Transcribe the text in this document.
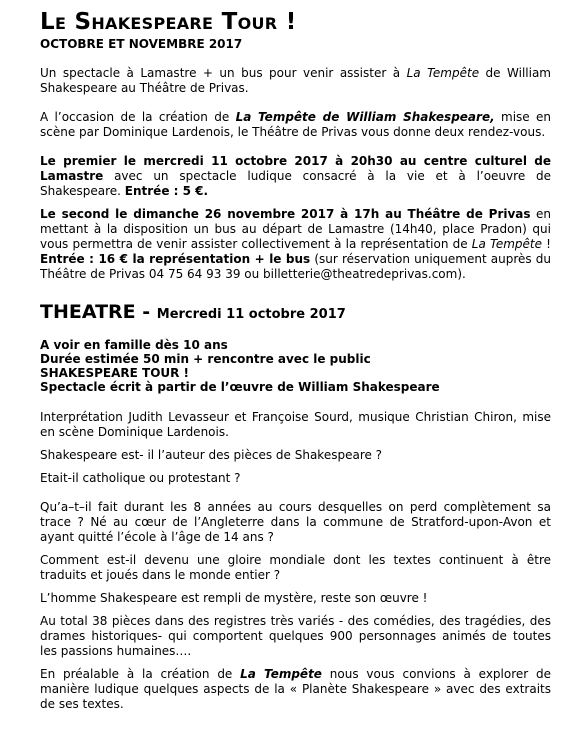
Le Shakespeare Tour !
OCTOBRE ET NOVEMBRE 2017

Un spectacle à Lamastre + un bus pour venir assister à La Tempête de William Shakespeare au Théâtre de Privas.

A l’occasion de la création de La Tempête de William Shakespeare, mise en scène par Dominique Lardenois, le Théâtre de Privas vous donne deux rendez-vous.

Le premier le mercredi 11 octobre 2017 à 20h30 au centre culturel de Lamastre avec un spectacle ludique consacré à la vie et à l’oeuvre de Shakespeare. Entrée : 5 €.

Le second le dimanche 26 novembre 2017 à 17h au Théâtre de Privas en mettant à la disposition un bus au départ de Lamastre (14h40, place Pradon) qui vous permettra de venir assister collectivement à la représentation de La Tempête ! Entrée : 16 € la représentation + le bus (sur réservation uniquement auprès du Théâtre de Privas 04 75 64 93 39 ou billetterie@theatredeprivas.com).

THEATRE - Mercredi 11 octobre 2017
A voir en famille dès 10 ans
Durée estimée 50 min + rencontre avec le public
SHAKESPEARE TOUR !
Spectacle écrit à partir de l’œuvre de William Shakespeare

Interprétation Judith Levasseur et Françoise Sourd, musique Christian Chiron, mise en scène Dominique Lardenois.

Shakespeare est- il l’auteur des pièces de Shakespeare ?

Etait-il catholique ou protestant ?

Qu’a–t–il fait durant les 8 années au cours desquelles on perd complètement sa trace ? Né au cœur de l’Angleterre dans la commune de Stratford-upon-Avon et ayant quitté l’école à l’âge de 14 ans ?

Comment est-il devenu une gloire mondiale dont les textes continuent à être traduits et joués dans le monde entier ?

L’homme Shakespeare est rempli de mystère, reste son œuvre !

Au total 38 pièces dans des registres très variés - des comédies, des tragédies, des drames historiques- qui comportent quelques 900 personnages animés de toutes les passions humaines….

En préalable à la création de La Tempête nous vous convions à explorer de manière ludique quelques aspects de la « Planète Shakespeare » avec des extraits de ses textes.
